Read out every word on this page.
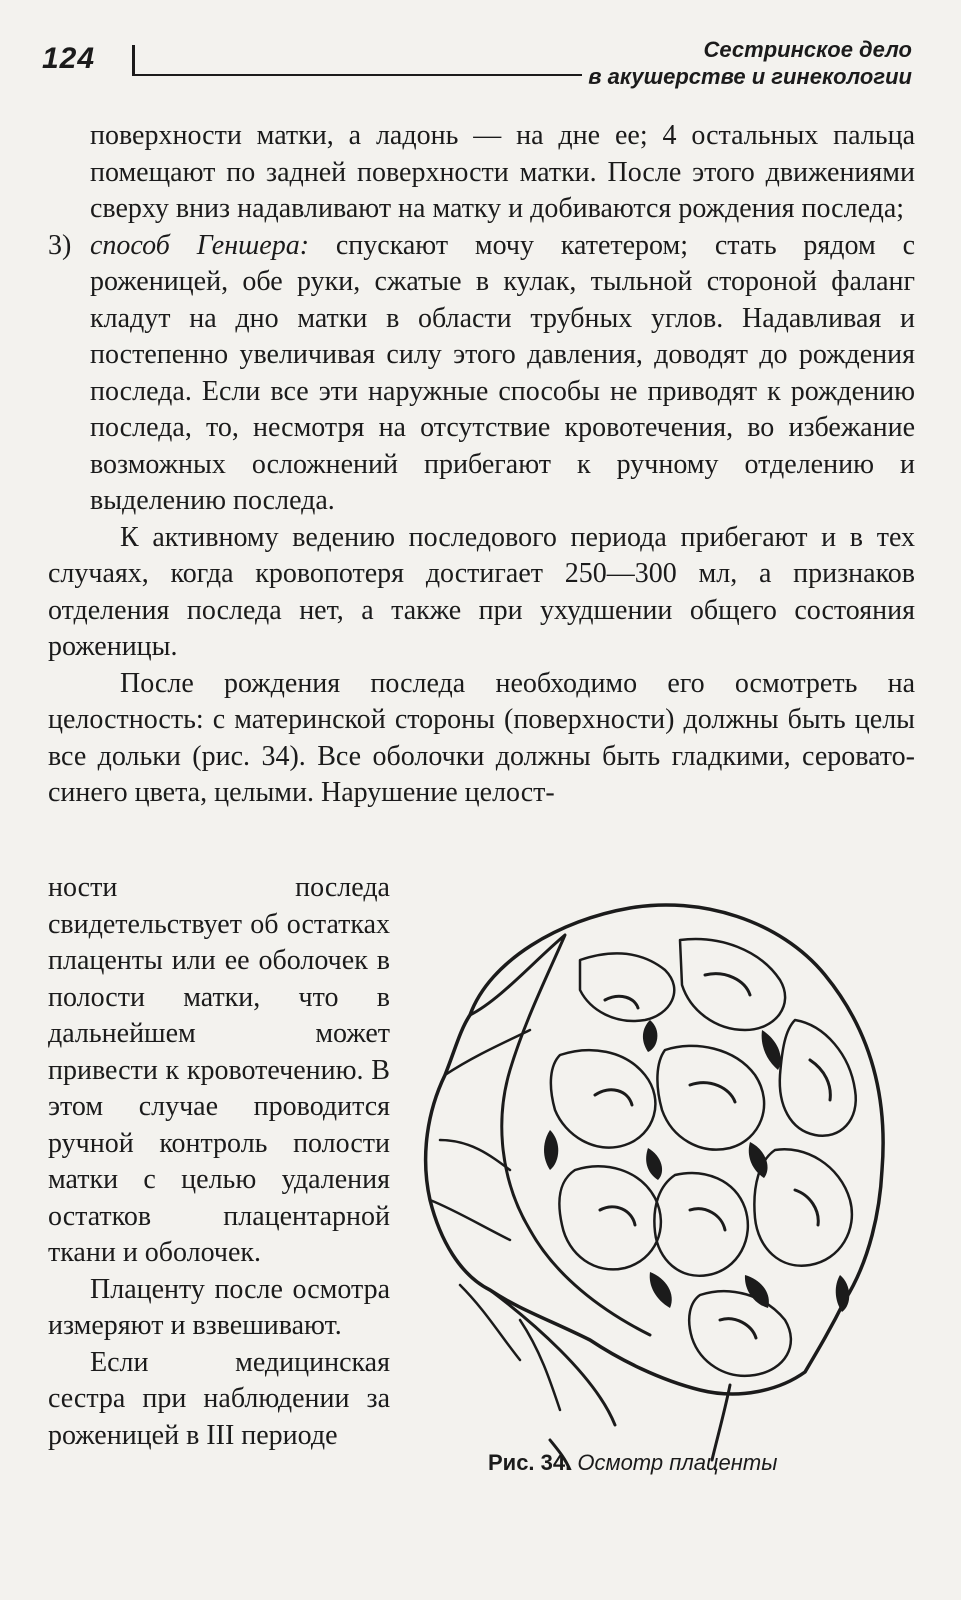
124	Сестринское дело
в акушерстве и гинекологии

поверхности матки, а ладонь — на дне ее; 4 остальных пальца помещают по задней поверхности матки. После этого движениями сверху вниз надавливают на матку и добиваются рождения последа;

3) способ Геншера: спускают мочу катетером; стать рядом с роженицей, обе руки, сжатые в кулак, тыльной стороной фаланг кладут на дно матки в области трубных углов. Надавливая и постепенно увеличивая силу этого давления, доводят до рождения последа. Если все эти наружные способы не приводят к рождению последа, то, несмотря на отсутствие кровотечения, во избежание возможных осложнений прибегают к ручному отделению и выделению последа.

К активному ведению последового периода прибегают и в тех случаях, когда кровопотеря достигает 250—300 мл, а признаков отделения последа нет, а также при ухудшении общего состояния роженицы.

После рождения последа необходимо его осмотреть на целостность: с материнской стороны (поверхности) должны быть целы все дольки (рис. 34). Все оболочки должны быть гладкими, серовато-синего цвета, целыми. Нарушение целост-

ности последа свидетельствует об остатках плаценты или ее оболочек в полости матки, что в дальнейшем может привести к кровотечению. В этом случае проводится ручной контроль полости матки с целью удаления остатков плацентарной ткани и оболочек.

Плаценту после осмотра измеряют и взвешивают.

Если медицинская сестра при наблюдении за роженицей в III периоде

Рис. 34. Осмотр плаценты
